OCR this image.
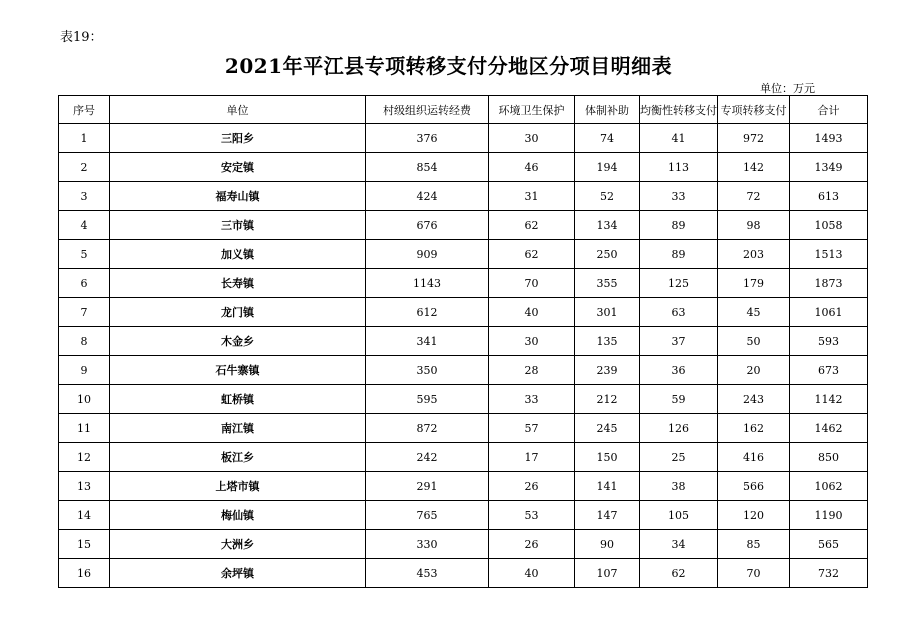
表19：
2021年平江县专项转移支付分地区分项目明细表
单位：万元
序号	单位	村级组织运转经费	环境卫生保护	体制补助	均衡性转移支付	专项转移支付	合计
1	三阳乡	376	30	74	41	972	1493
2	安定镇	854	46	194	113	142	1349
3	福寿山镇	424	31	52	33	72	613
4	三市镇	676	62	134	89	98	1058
5	加义镇	909	62	250	89	203	1513
6	长寿镇	1143	70	355	125	179	1873
7	龙门镇	612	40	301	63	45	1061
8	木金乡	341	30	135	37	50	593
9	石牛寨镇	350	28	239	36	20	673
10	虹桥镇	595	33	212	59	243	1142
11	南江镇	872	57	245	126	162	1462
12	板江乡	242	17	150	25	416	850
13	上塔市镇	291	26	141	38	566	1062
14	梅仙镇	765	53	147	105	120	1190
15	大洲乡	330	26	90	34	85	565
16	余坪镇	453	40	107	62	70	732
